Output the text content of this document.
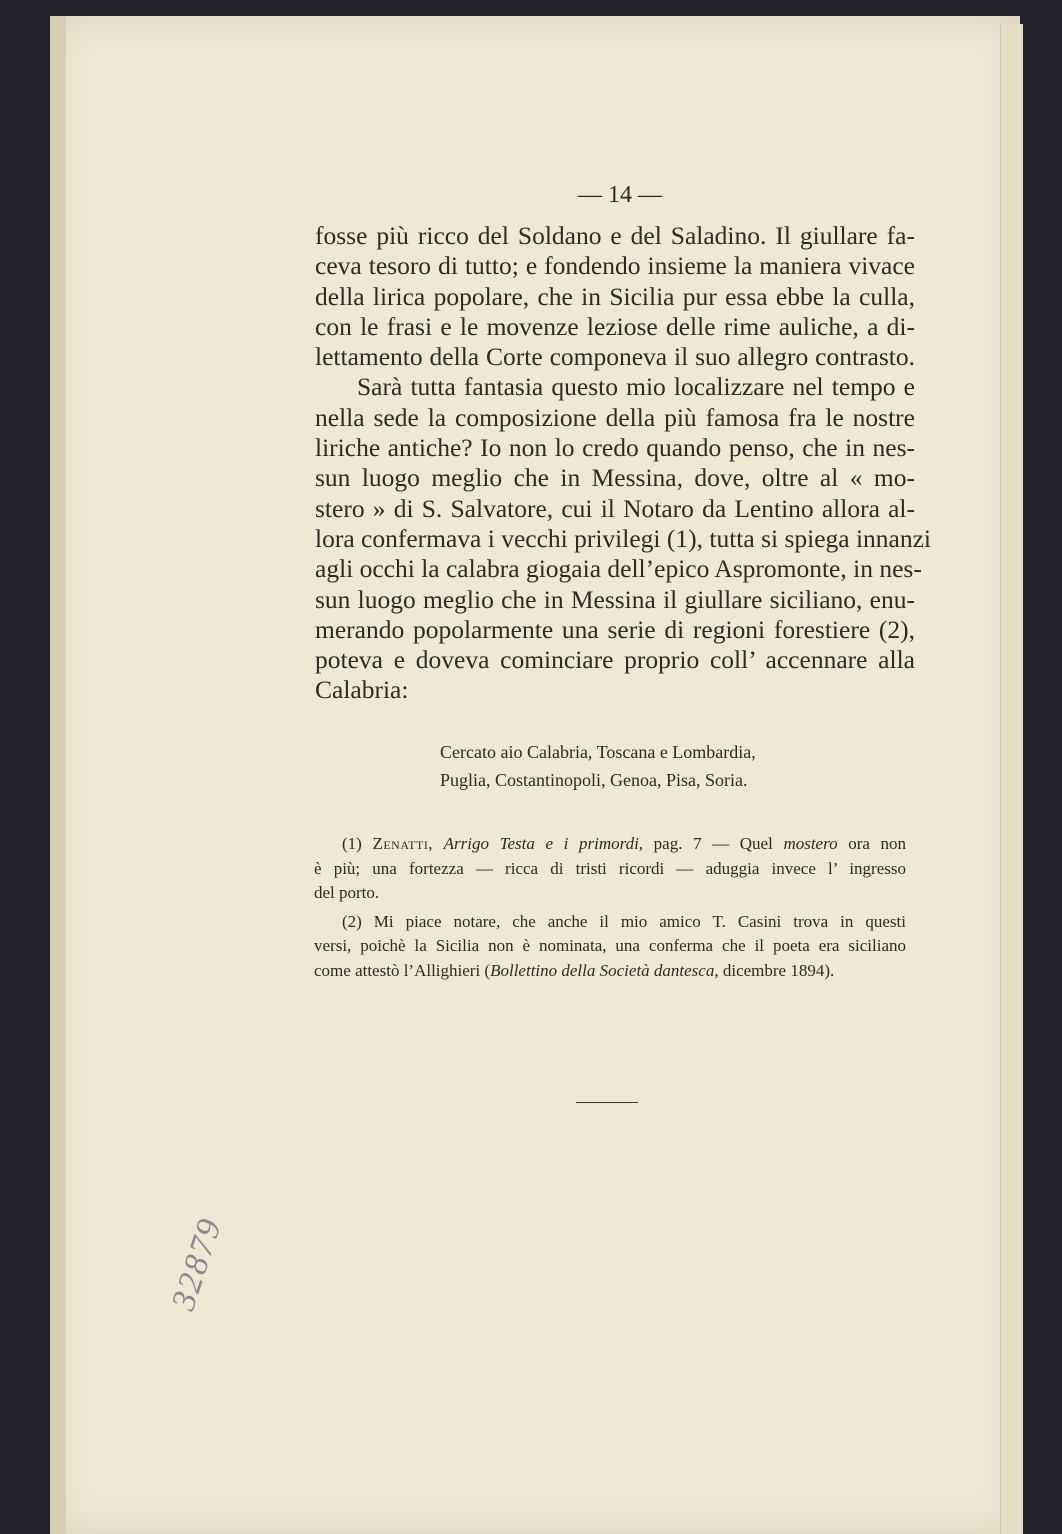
— 14 —

fosse più ricco del Soldano e del Saladino. Il giullare fa-
ceva tesoro di tutto; e fondendo insieme la maniera vivace
della lirica popolare, che in Sicilia pur essa ebbe la culla,
con le frasi e le movenze leziose delle rime auliche, a di-
lettamento della Corte componeva il suo allegro contrasto.

Sarà tutta fantasia questo mio localizzare nel tempo e
nella sede la composizione della più famosa fra le nostre
liriche antiche? Io non lo credo quando penso, che in nes-
sun luogo meglio che in Messina, dove, oltre al « mo-
stero » di S. Salvatore, cui il Notaro da Lentino allora al-
lora confermava i vecchi privilegi (1), tutta si spiega innanzi
agli occhi la calabra giogaia dell’epico Aspromonte, in nes-
sun luogo meglio che in Messina il giullare siciliano, enu-
merando popolarmente una serie di regioni forestiere (2),
poteva e doveva cominciare proprio coll’ accennare alla
Calabria:

Cercato aio Calabria, Toscana e Lombardia,
Puglia, Costantinopoli, Genoa, Pisa, Soria.
(1) Zenatti, Arrigo Testa e i primordi, pag. 7 — Quel mostero ora non
è più; una fortezza — ricca di tristi ricordi — aduggia invece l’ ingresso
del porto.
(2) Mi piace notare, che anche il mio amico T. Casini trova in questi
versi, poichè la Sicilia non è nominata, una conferma che il poeta era siciliano
come attestò l’Allighieri (Bollettino della Società dantesca, dicembre 1894).
32879
